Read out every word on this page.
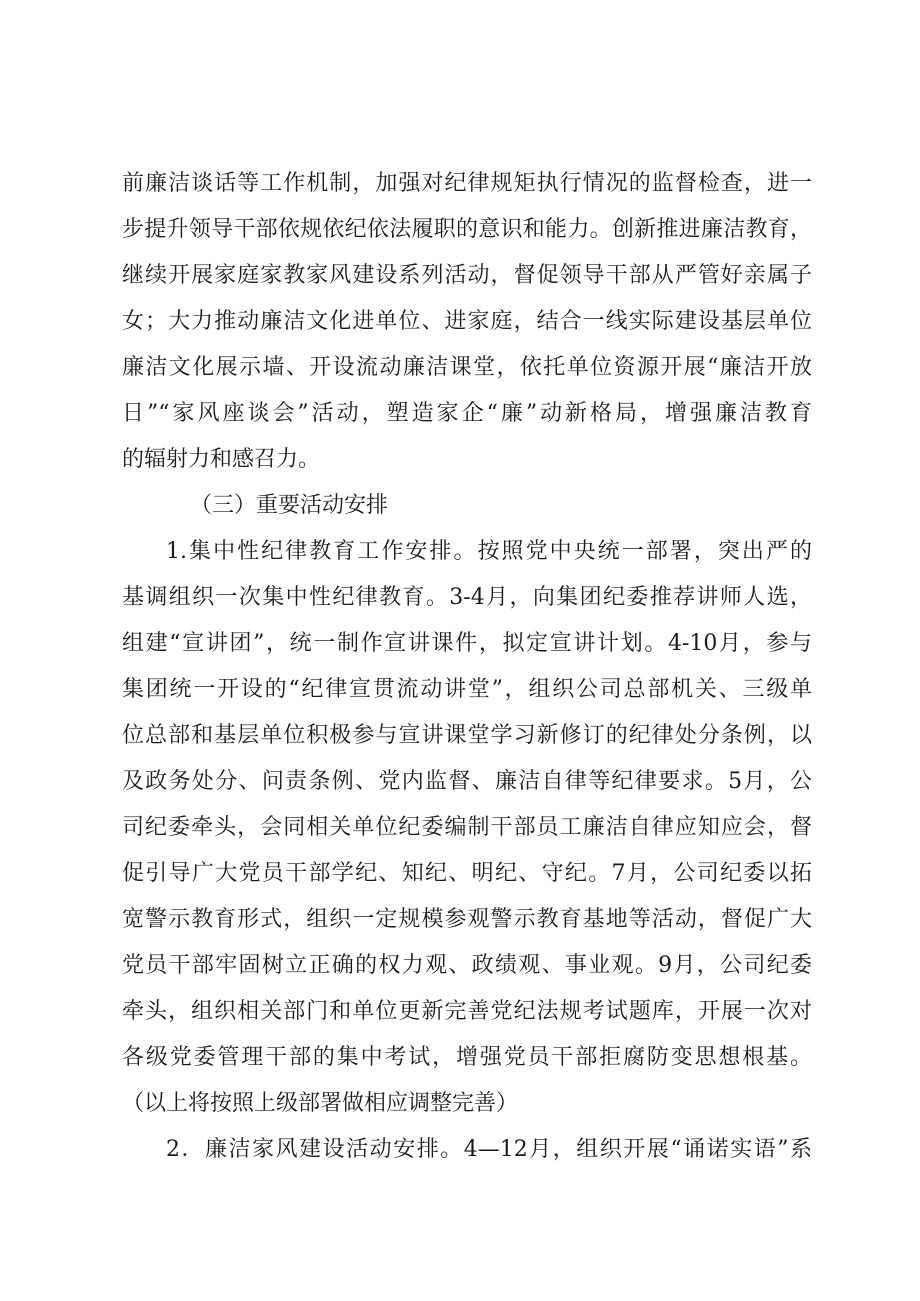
前廉洁谈话等工作机制，加强对纪律规矩执行情况的监督检查，进一
步提升领导干部依规依纪依法履职的意识和能力。创新推进廉洁教育，
继续开展家庭家教家风建设系列活动，督促领导干部从严管好亲属子
女；大力推动廉洁文化进单位、进家庭，结合一线实际建设基层单位
廉洁文化展示墙、开设流动廉洁课堂，依托单位资源开展“廉洁开放
日”“家风座谈会”活动，塑造家企“廉”动新格局，增强廉洁教育
的辐射力和感召力。
（三）重要活动安排
1.集中性纪律教育工作安排。按照党中央统一部署，突出严的
基调组织一次集中性纪律教育。3-4月，向集团纪委推荐讲师人选，
组建“宣讲团”，统一制作宣讲课件，拟定宣讲计划。4-10月，参与
集团统一开设的“纪律宣贯流动讲堂”，组织公司总部机关、三级单
位总部和基层单位积极参与宣讲课堂学习新修订的纪律处分条例，以
及政务处分、问责条例、党内监督、廉洁自律等纪律要求。5月，公
司纪委牵头，会同相关单位纪委编制干部员工廉洁自律应知应会，督
促引导广大党员干部学纪、知纪、明纪、守纪。7月，公司纪委以拓
宽警示教育形式，组织一定规模参观警示教育基地等活动，督促广大
党员干部牢固树立正确的权力观、政绩观、事业观。9月，公司纪委
牵头，组织相关部门和单位更新完善党纪法规考试题库，开展一次对
各级党委管理干部的集中考试，增强党员干部拒腐防变思想根基。
（以上将按照上级部署做相应调整完善）
2．廉洁家风建设活动安排。4—12月，组织开展“诵诺实语”系
